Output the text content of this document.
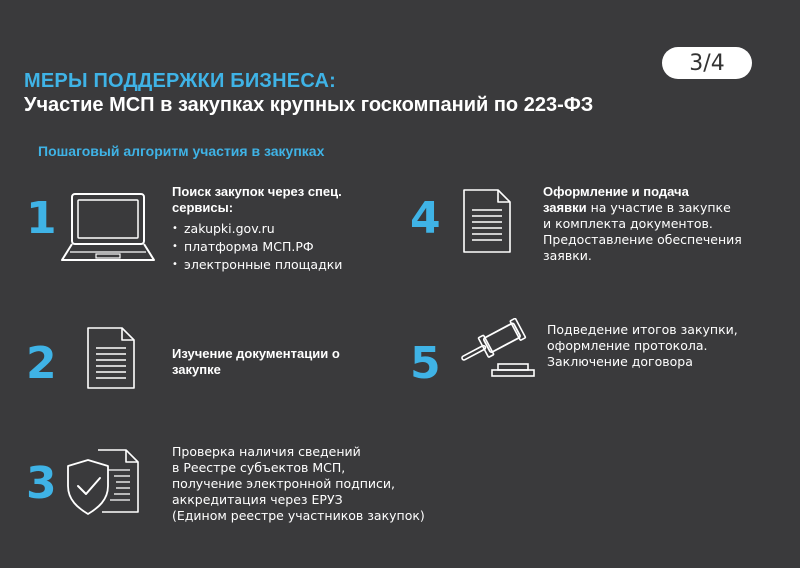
3/4
МЕРЫ ПОДДЕРЖКИ БИЗНЕСА:
Участие МСП в закупках крупных госкомпаний по 223-ФЗ
Пошаговый алгоритм участия в закупках
1
Поиск закупок через спец. сервисы:
• zakupki.gov.ru
• платформа МСП.РФ
• электронные площадки
2	Изучение документации о закупке
3
Проверка наличия сведений
в Реестре субъектов МСП,
получение электронной подписи,
аккредитация через ЕРУЗ
(Едином реестре участников закупок)
4
Оформление и подача
заявки на участие в закупке
и комплекта документов.
Предоставление обеспечения
заявки.
5
Подведение итогов закупки,
оформление протокола.
Заключение договора
